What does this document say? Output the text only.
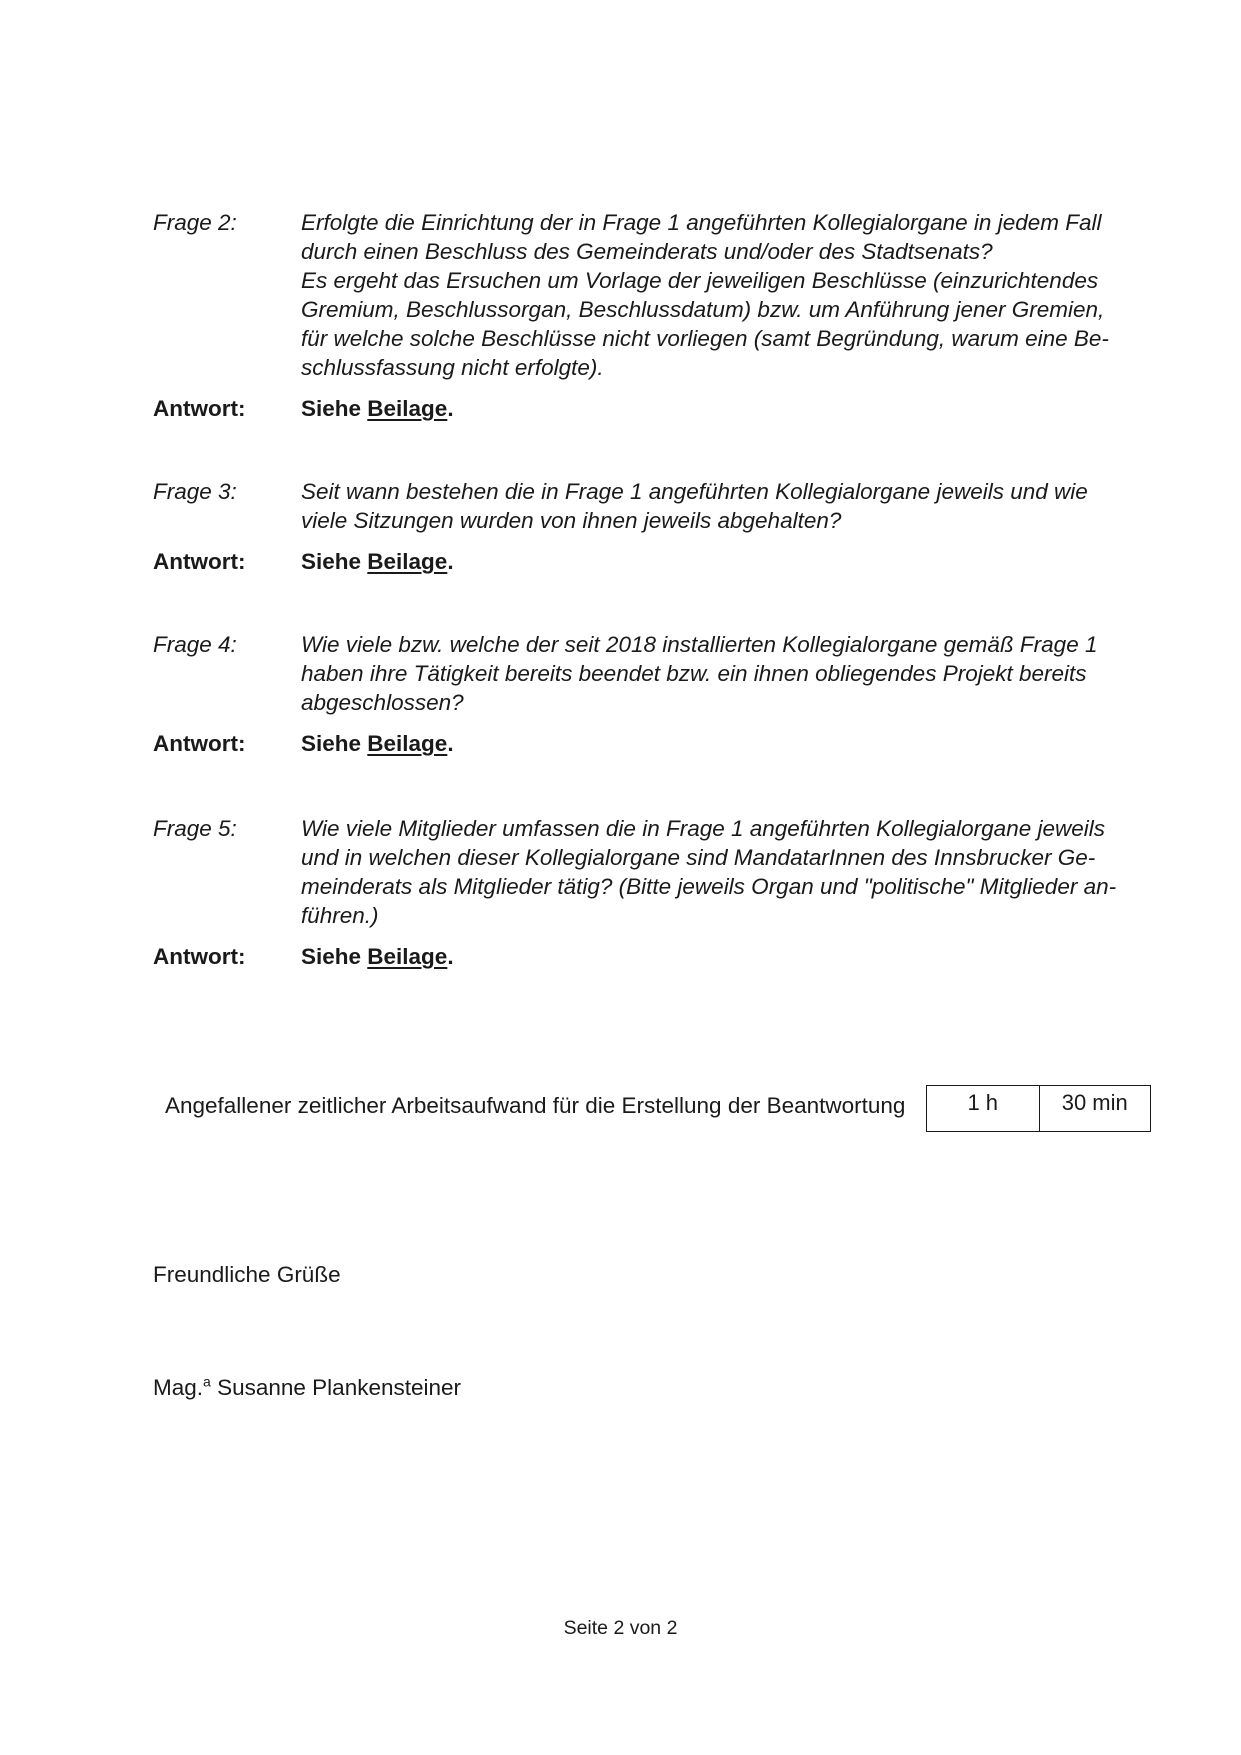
Frage 2:	Erfolgte die Einrichtung der in Frage 1 angeführten Kollegialorgane in jedem Fall
durch einen Beschluss des Gemeinderats und/oder des Stadtsenats?
Es ergeht das Ersuchen um Vorlage der jeweiligen Beschlüsse (einzurichtendes
Gremium, Beschlussorgan, Beschlussdatum) bzw. um Anführung jener Gremien,
für welche solche Beschlüsse nicht vorliegen (samt Begründung, warum eine Be-
schlussfassung nicht erfolgte).
Antwort:	Siehe Beilage.
Frage 3:	Seit wann bestehen die in Frage 1 angeführten Kollegialorgane jeweils und wie
viele Sitzungen wurden von ihnen jeweils abgehalten?
Antwort:	Siehe Beilage.
Frage 4:	Wie viele bzw. welche der seit 2018 installierten Kollegialorgane gemäß Frage 1
haben ihre Tätigkeit bereits beendet bzw. ein ihnen obliegendes Projekt bereits
abgeschlossen?
Antwort:	Siehe Beilage.
Frage 5:	Wie viele Mitglieder umfassen die in Frage 1 angeführten Kollegialorgane jeweils
und in welchen dieser Kollegialorgane sind MandatarInnen des Innsbrucker Ge-
meinderats als Mitglieder tätig? (Bitte jeweils Organ und "politische" Mitglieder an-
führen.)
Antwort:	Siehe Beilage.
Angefallener zeitlicher Arbeitsaufwand für die Erstellung der Beantwortung	1 h	30 min
Freundliche Grüße
Mag.$^a$ Susanne Plankensteiner
Seite 2 von 2
